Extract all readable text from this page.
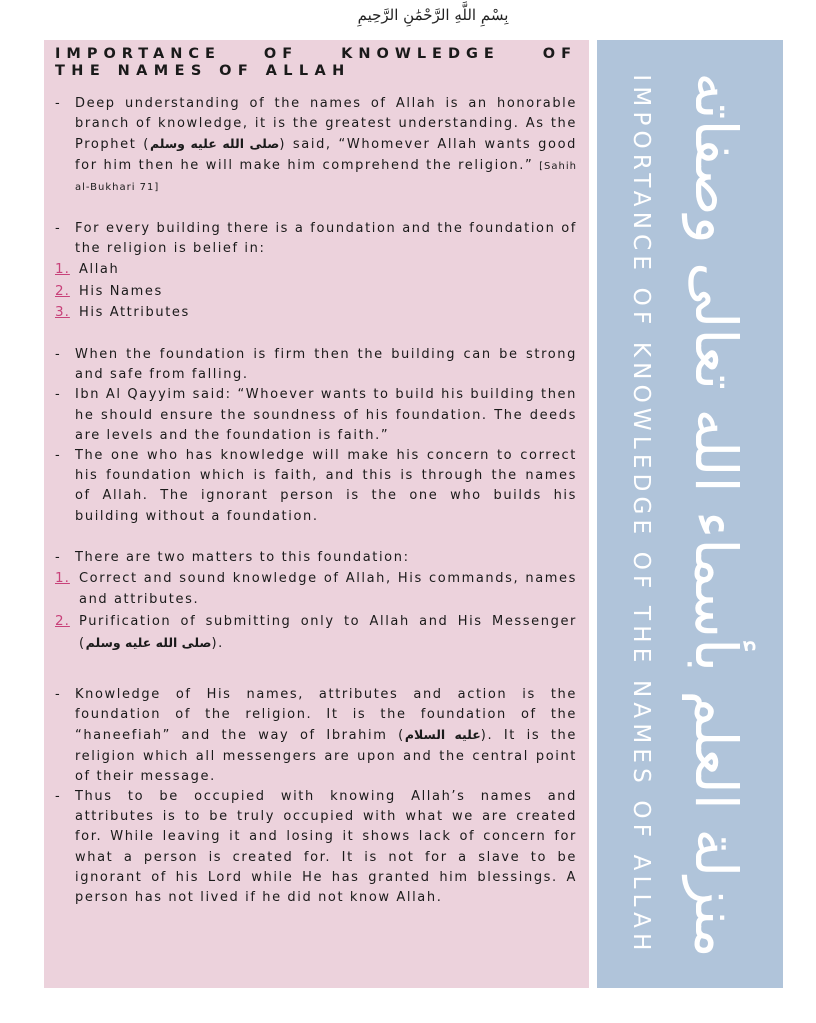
بِسْمِ اللَّهِ الرَّحْمَٰنِ الرَّحِيمِ
IMPORTANCE OF KNOWLEDGE OF
THE NAMES OF ALLAH
- Deep understanding of the names of Allah is an honorable branch of knowledge, it is the greatest understanding. As the Prophet (صلى الله عليه وسلم) said, “Whomever Allah wants good for him then he will make him comprehend the religion.” [Sahih al-Bukhari 71]
- For every building there is a foundation and the foundation of the religion is belief in:
1. Allah
2. His Names
3. His Attributes
- When the foundation is firm then the building can be strong and safe from falling.
- Ibn Al Qayyim said: “Whoever wants to build his building then he should ensure the soundness of his foundation. The deeds are levels and the foundation is faith.”
- The one who has knowledge will make his concern to correct his foundation which is faith, and this is through the names of Allah. The ignorant person is the one who builds his building without a foundation.
- There are two matters to this foundation:
1. Correct and sound knowledge of Allah, His commands, names and attributes.
2. Purification of submitting only to Allah and His Messenger (صلى الله عليه وسلم).
- Knowledge of His names, attributes and action is the foundation of the religion. It is the foundation of the “haneefiah” and the way of Ibrahim (عليه السلام). It is the religion which all messengers are upon and the central point of their message.
- Thus to be occupied with knowing Allah’s names and attributes is to be truly occupied with what we are created for. While leaving it and losing it shows lack of concern for what a person is created for. It is not for a slave to be ignorant of his Lord while He has granted him blessings. A person has not lived if he did not know Allah.	IMPORTANCE OF KNOWLEDGE OF THE NAMES OF ALLAH منزلة العلم بأسماء الله تعالى وصفاته
